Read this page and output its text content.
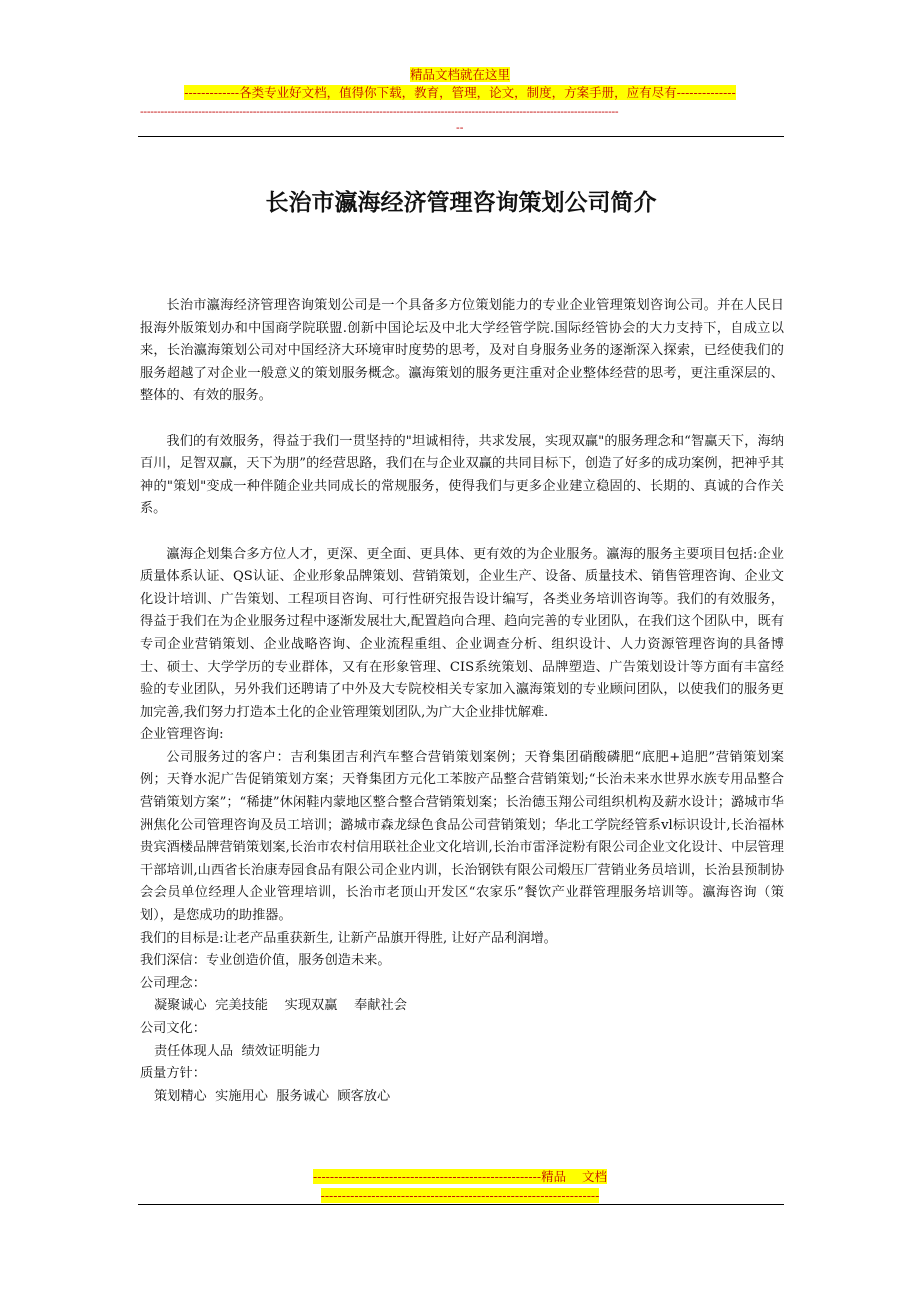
精品文档就在这里
-------------各类专业好文档，值得你下载，教育，管理，论文，制度，方案手册，应有尽有--------------
--------------------------------------------------------------------------------------------------------------------------------------------
--
长治市瀛海经济管理咨询策划公司简介

长治市瀛海经济管理咨询策划公司是一个具备多方位策划能力的专业企业管理策划咨询公司。并在人民日报海外版策划办和中国商学院联盟.创新中国论坛及中北大学经管学院.国际经管协会的大力支持下，自成立以来，长治瀛海策划公司对中国经济大环境审时度势的思考，及对自身服务业务的逐渐深入探索，已经使我们的服务超越了对企业一般意义的策划服务概念。瀛海策划的服务更注重对企业整体经营的思考，更注重深层的、整体的、有效的服务。

我们的有效服务，得益于我们一贯坚持的"坦诚相待，共求发展，实现双赢"的服务理念和“智赢天下，海纳百川，足智双赢，天下为朋”的经营思路，我们在与企业双赢的共同目标下，创造了好多的成功案例，把神乎其神的"策划"变成一种伴随企业共同成长的常规服务，使得我们与更多企业建立稳固的、长期的、真诚的合作关系。

瀛海企划集合多方位人才，更深、更全面、更具体、更有效的为企业服务。瀛海的服务主要项目包括:企业质量体系认证、QS认证、企业形象品牌策划、营销策划，企业生产、设备、质量技术、销售管理咨询、企业文化设计培训、广告策划、工程项目咨询、可行性研究报告设计编写，各类业务培训咨询等。我们的有效服务，得益于我们在为企业服务过程中逐渐发展壮大,配置趋向合理、趋向完善的专业团队，在我们这个团队中，既有专司企业营销策划、企业战略咨询、企业流程重组、企业调查分析、组织设计、人力资源管理咨询的具备博士、硕士、大学学历的专业群体，又有在形象管理、CIS系统策划、品牌塑造、广告策划设计等方面有丰富经验的专业团队，另外我们还聘请了中外及大专院校相关专家加入瀛海策划的专业顾问团队，以使我们的服务更加完善,我们努力打造本土化的企业管理策划团队,为广大企业排忧解难.

企业管理咨询:

公司服务过的客户：吉利集团吉利汽车整合营销策划案例；天脊集团硝酸磷肥“底肥+追肥”营销策划案例；天脊水泥广告促销策划方案；天脊集团方元化工苯胺产品整合营销策划;“长治未来水世界水族专用品整合营销策划方案”；“稀捷”休闲鞋内蒙地区整合整合营销策划案；长治德玉翔公司组织机构及薪水设计；潞城市华洲焦化公司管理咨询及员工培训；潞城市森龙绿色食品公司营销策划；华北工学院经管系vl标识设计,长治福林贵宾酒楼品牌营销策划案,长治市农村信用联社企业文化培训,长治市雷泽淀粉有限公司企业文化设计、中层管理干部培训,山西省长治康寿园食品有限公司企业内训，长治钢铁有限公司煅压厂营销业务员培训，长治县预制协会会员单位经理人企业管理培训，长治市老顶山开发区“农家乐”餐饮产业群管理服务培训等。瀛海咨询（策划），是您成功的助推器。

我们的目标是:让老产品重获新生, 让新产品旗开得胜, 让好产品利润增。

我们深信：专业创造价值，服务创造未来。

公司理念：

凝聚诚心  完美技能    实现双赢    奉献社会

公司文化：

责任体现人品  绩效证明能力

质量方针：

策划精心  实施用心  服务诚心  顾客放心

------------------------------------------------------精品    文档
------------------------------------------------------------------
